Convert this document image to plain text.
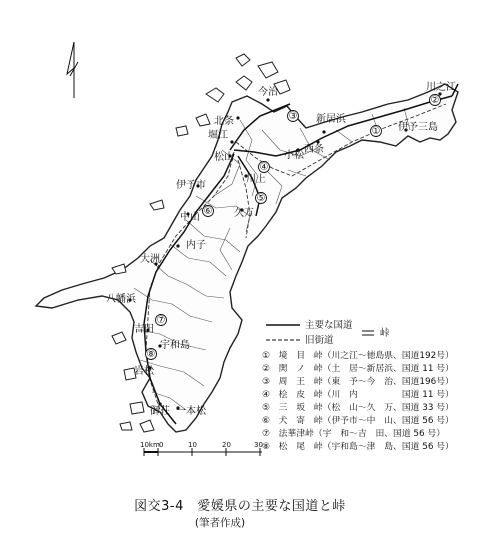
①
③
④
⑤
⑥
②
⑦
⑧
今治
北条
堀江
新居浜
川之江
伊予三島
西条
小松
松山
川上
伊予市
久万
中山
内子
大洲
八幡浜
吉田
宇和島
岩松
御荘 一本松
主要な国道
旧街道
峠
①　境　目　峠（川之江～徳島県、国道192号）
②　関　ノ　峠（土　居～新居浜、国道 11 号）
③　周　王　峠（東　予～今　治、国道196号）
④　桧　皮　峠（川　内　　　　　国道 11 号）
⑤　三　坂　峠（松　山～久　万、国道 33 号）
⑥　犬　寄　峠（伊予市～中　山、国道 56 号）
⑦　法華津峠（宇　和～吉　田、国道 56 号）
⑧　松　尾　峠（宇和島～津　島、国道 56 号）
10km 0	10	20	30
図交3-4　愛媛県の主要な国道と峠
(筆者作成)
